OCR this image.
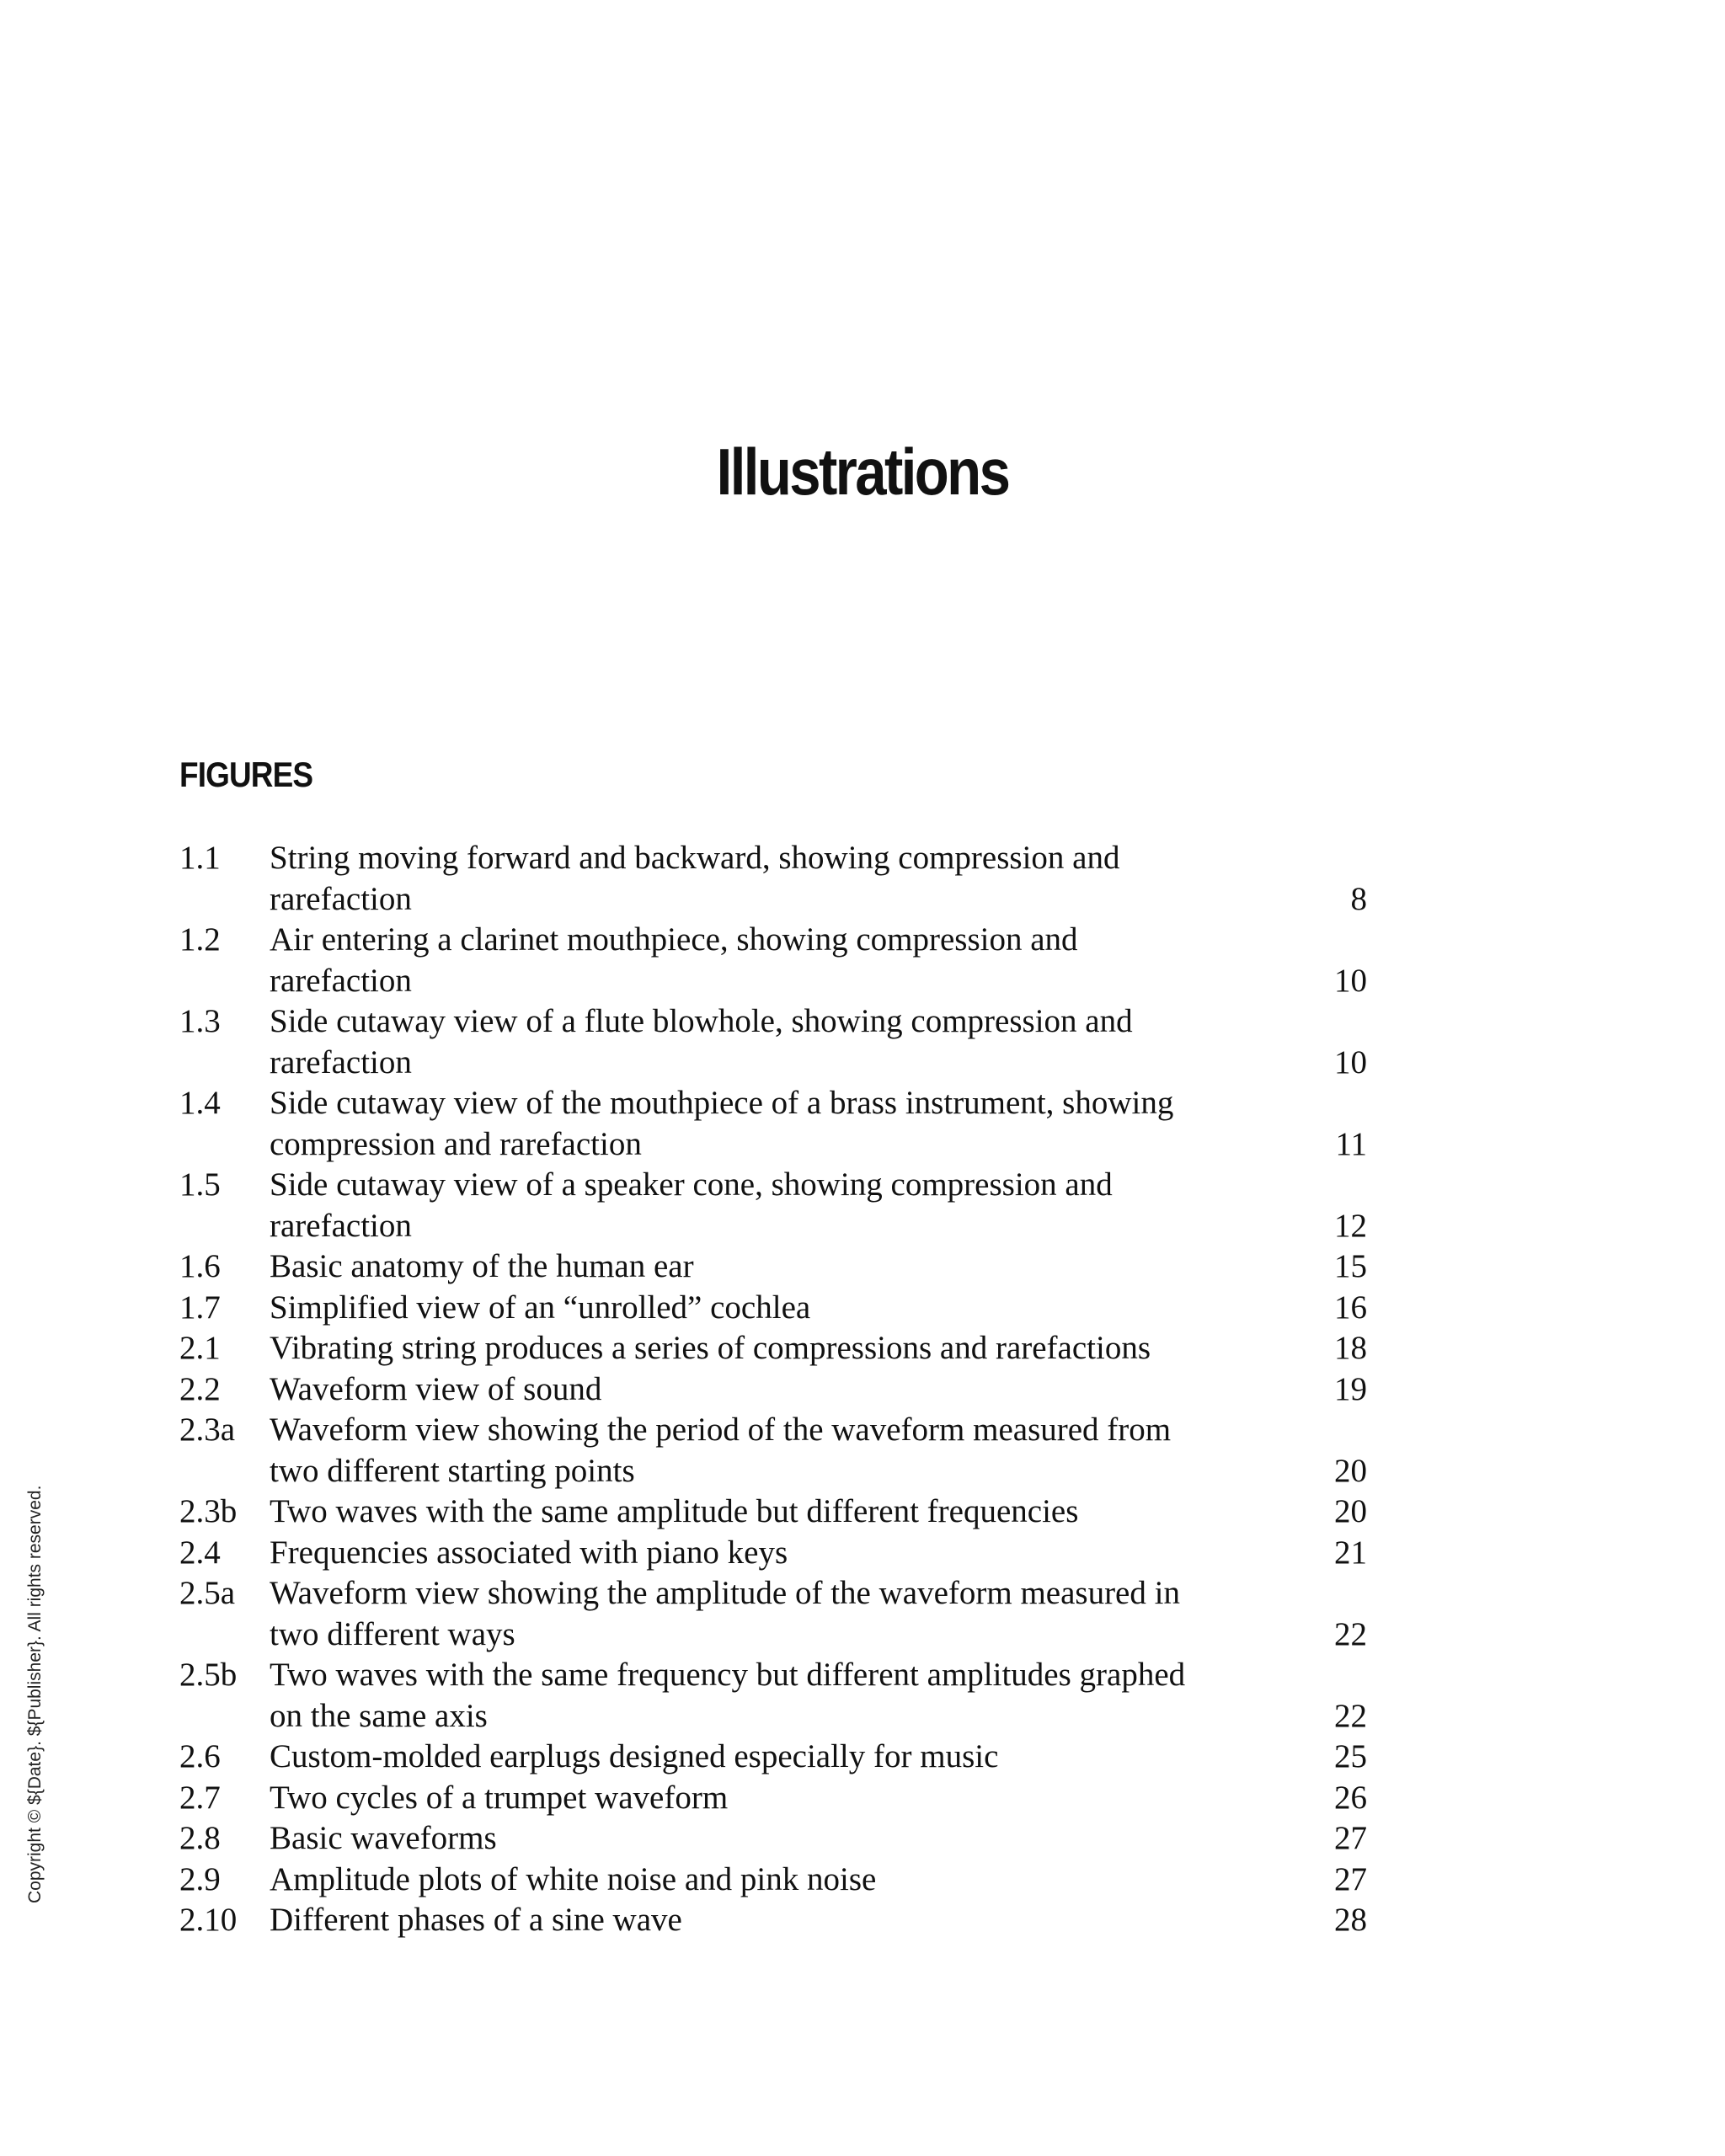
Illustrations
FIGURES
1.1	String moving forward and backward, showing compression and rarefaction	8
1.2	Air entering a clarinet mouthpiece, showing compression and rarefaction	10
1.3	Side cutaway view of a flute blowhole, showing compression and rarefaction	10
1.4	Side cutaway view of the mouthpiece of a brass instrument, showing compression and rarefaction	11
1.5	Side cutaway view of a speaker cone, showing compression and rarefaction	12
1.6	Basic anatomy of the human ear	15
1.7	Simplified view of an “unrolled” cochlea	16
2.1	Vibrating string produces a series of compressions and rarefactions	18
2.2	Waveform view of sound	19
2.3a	Waveform view showing the period of the waveform measured from two different starting points	20
2.3b Two waves with the same amplitude but different frequencies	20
2.4	Frequencies associated with piano keys	21
2.5a	Waveform view showing the amplitude of the waveform measured in two different ways	22
2.5b Two waves with the same frequency but different amplitudes graphed on the same axis	22
2.6	Custom-molded earplugs designed especially for music	25
2.7	Two cycles of a trumpet waveform	26
2.8	Basic waveforms	27
2.9	Amplitude plots of white noise and pink noise	27
2.10 Different phases of a sine wave	28
Copyright © ${Date}. ${Publisher}. All rights reserved.
